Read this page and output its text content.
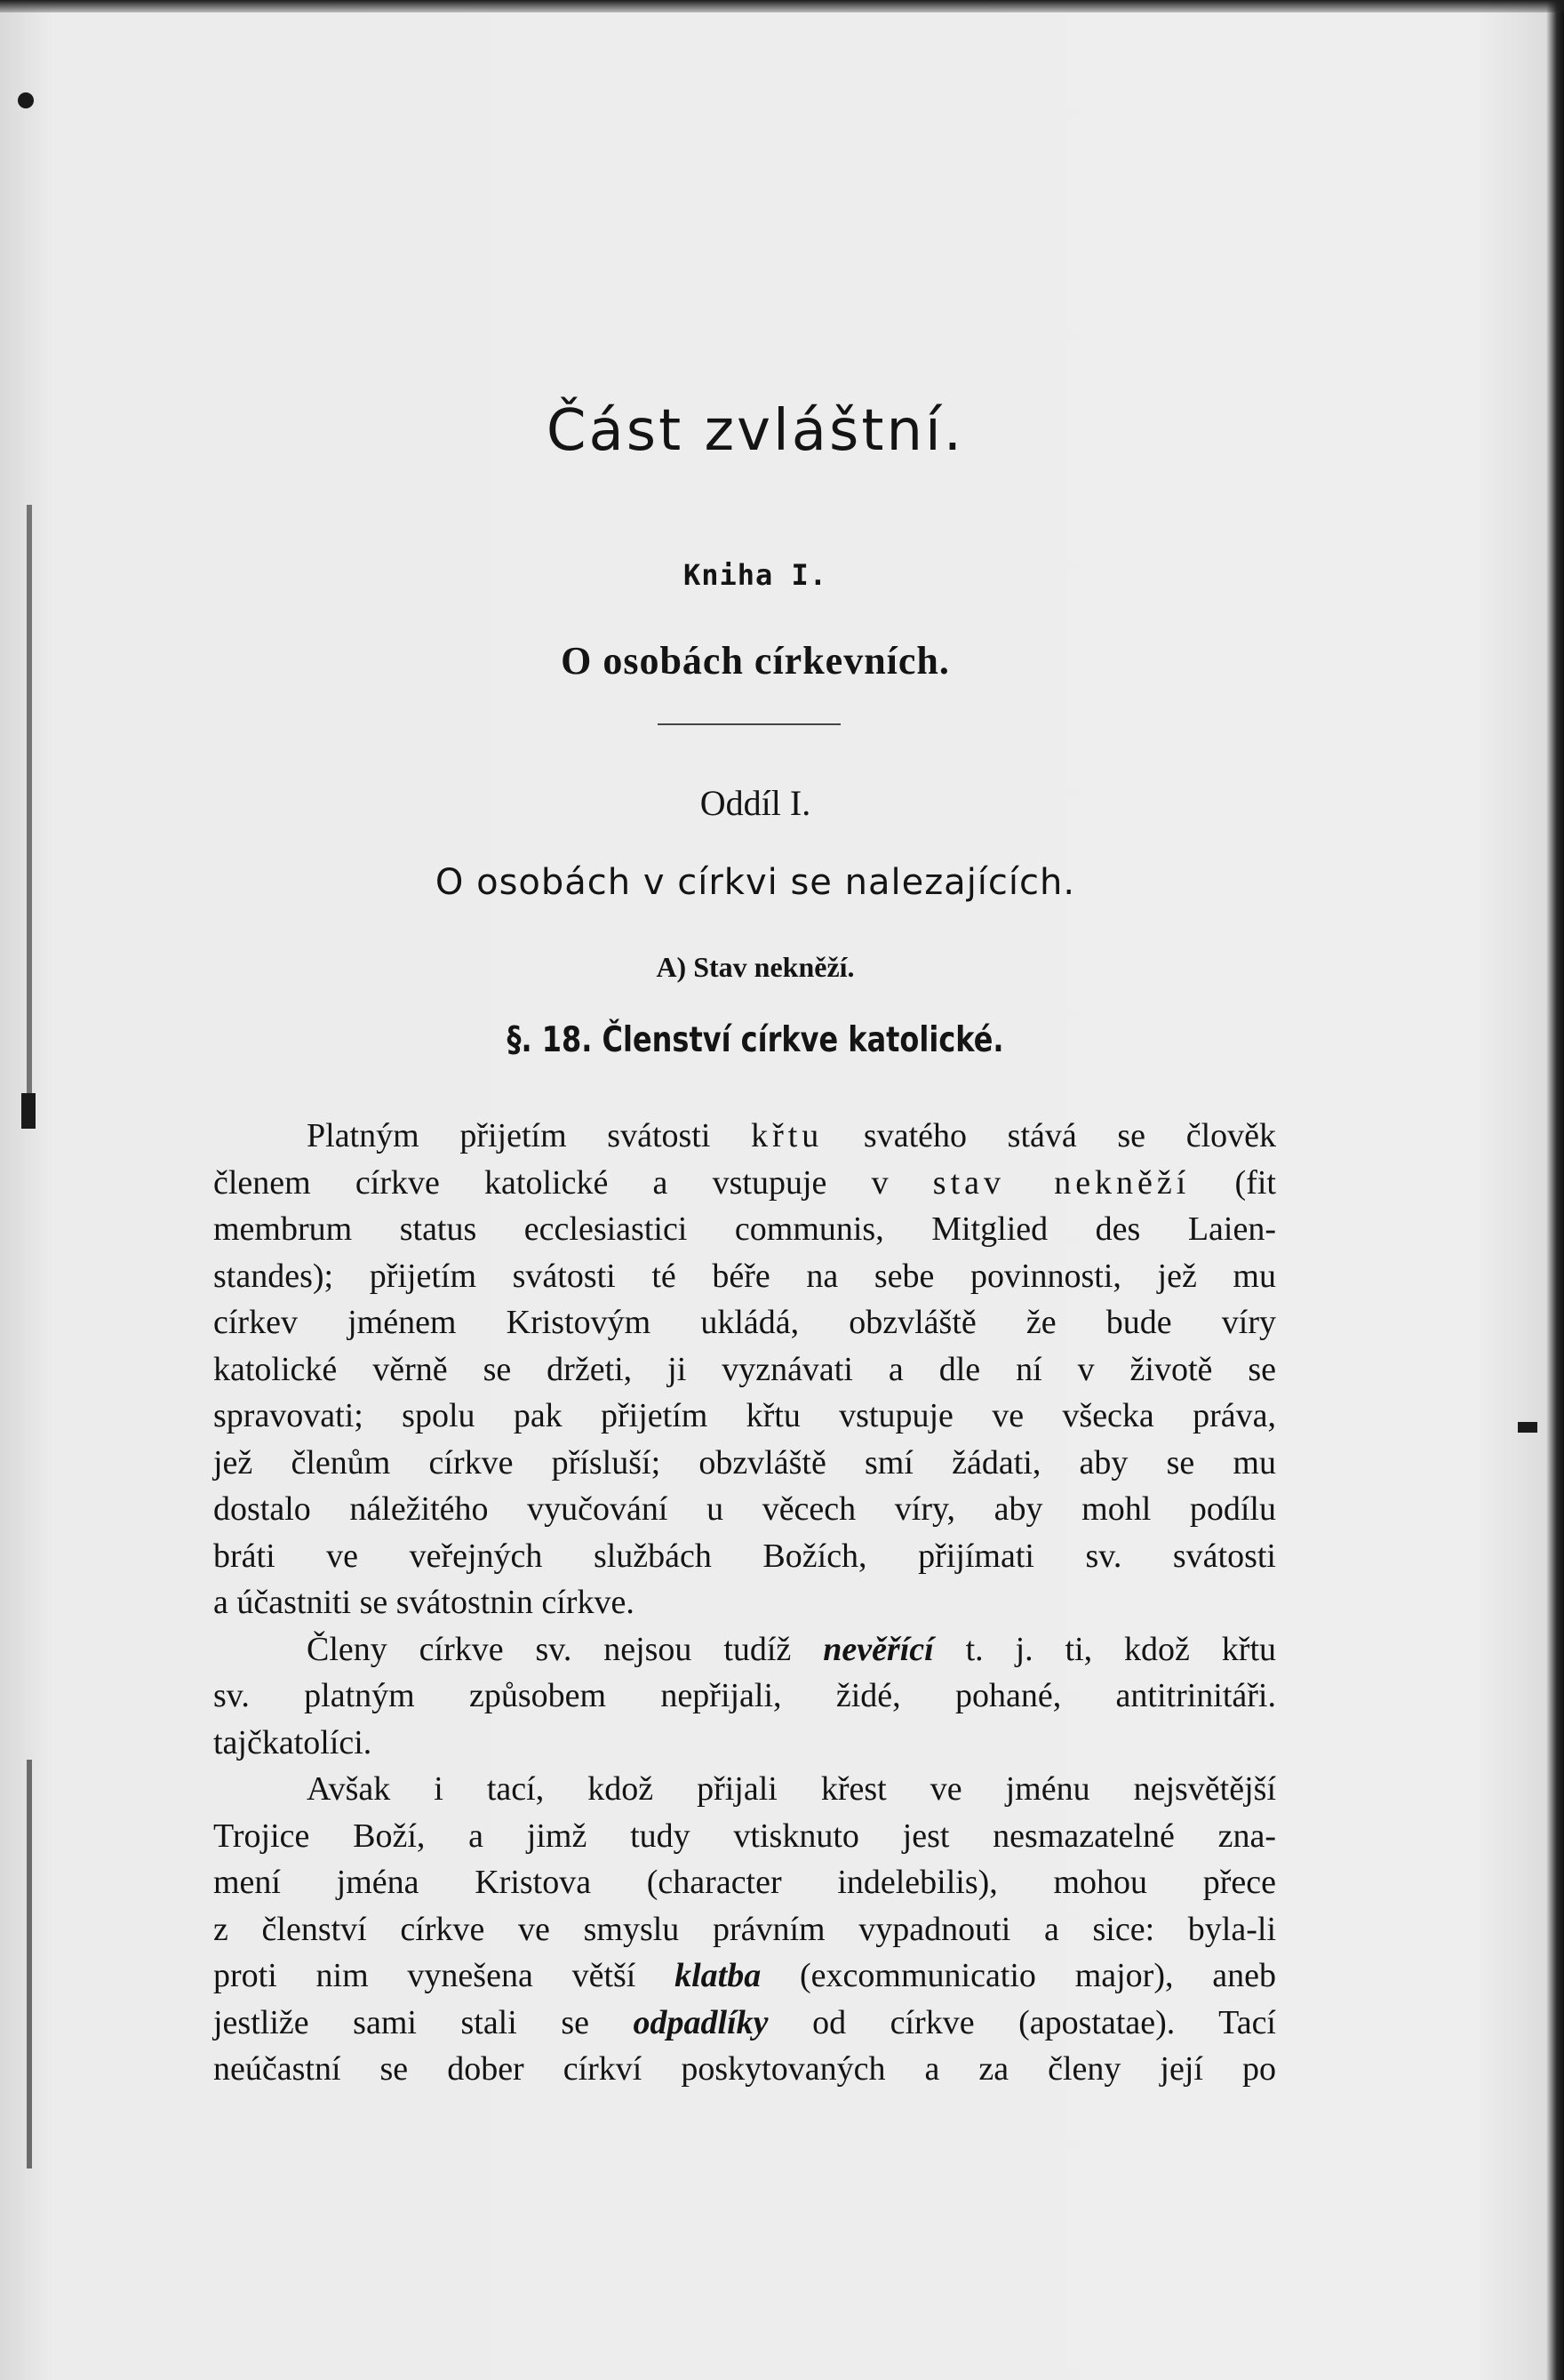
Část zvláštní.
Kniha I.
O osobách církevních.
Oddíl I.
O osobách v církvi se nalezajících.
A) Stav nekněží.
§. 18. Členství církve katolické.
Platným přijetím svátosti křtu svatého stává se člověk
členem církve katolické a vstupuje v stav nekněží (fit
membrum status ecclesiastici communis, Mitglied des Laien-
standes); přijetím svátosti té béře na sebe povinnosti, jež mu
církev jménem Kristovým ukládá, obzvláště že bude víry
katolické věrně se držeti, ji vyznávati a dle ní v životě se
spravovati; spolu pak přijetím křtu vstupuje ve všecka práva,
jež členům církve přísluší; obzvláště smí žádati, aby se mu
dostalo náležitého vyučování u věcech víry, aby mohl podílu
bráti ve veřejných službách Božích, přijímati sv. svátosti
a účastniti se svátostnin církve.
Členy církve sv. nejsou tudíž nevěřící t. j. ti, kdož křtu
sv. platným způsobem nepřijali, židé, pohané, antitrinitáři.
tajčkatolíci.
Avšak i tací, kdož přijali křest ve jménu nejsvětější
Trojice Boží, a jimž tudy vtisknuto jest nesmazatelné zna-
mení jména Kristova (character indelebilis), mohou přece
z členství církve ve smyslu právním vypadnouti a sice: byla-li
proti nim vynešena větší klatba (excommunicatio major), aneb
jestliže sami stali se odpadlíky od církve (apostatae). Tací
neúčastní se dober církví poskytovaných a za členy její po
